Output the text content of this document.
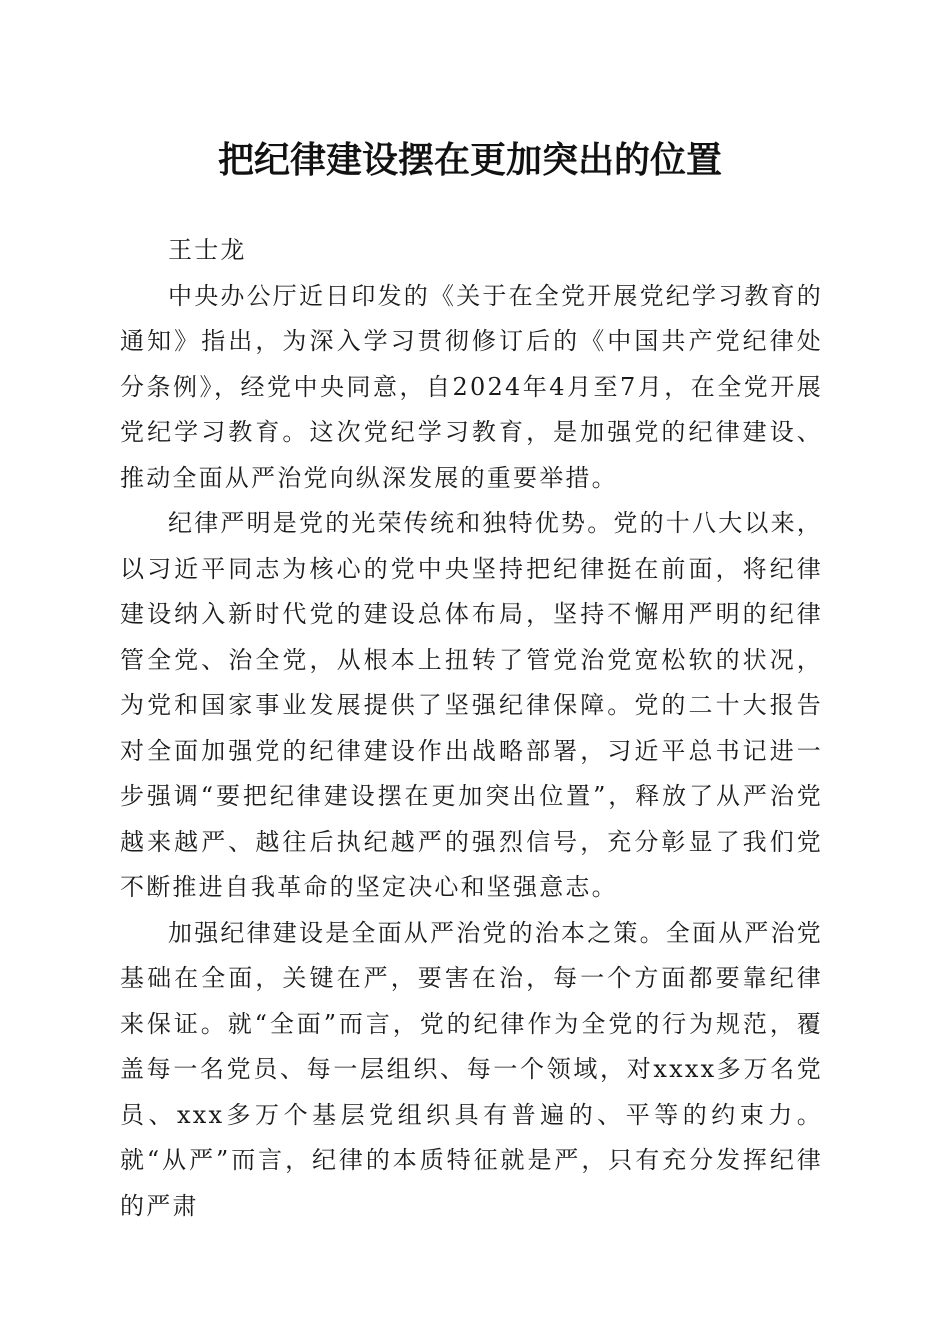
把纪律建设摆在更加突出的位置

王士龙

中央办公厅近日印发的《关于在全党开展党纪学习教育的通知》指出，为深入学习贯彻修订后的《中国共产党纪律处分条例》，经党中央同意，自2024年4月至7月，在全党开展党纪学习教育。这次党纪学习教育，是加强党的纪律建设、推动全面从严治党向纵深发展的重要举措。

纪律严明是党的光荣传统和独特优势。党的十八大以来，以习近平同志为核心的党中央坚持把纪律挺在前面，将纪律建设纳入新时代党的建设总体布局，坚持不懈用严明的纪律管全党、治全党，从根本上扭转了管党治党宽松软的状况，为党和国家事业发展提供了坚强纪律保障。党的二十大报告对全面加强党的纪律建设作出战略部署，习近平总书记进一步强调“要把纪律建设摆在更加突出位置”，释放了从严治党越来越严、越往后执纪越严的强烈信号，充分彰显了我们党不断推进自我革命的坚定决心和坚强意志。

加强纪律建设是全面从严治党的治本之策。全面从严治党基础在全面，关键在严，要害在治，每一个方面都要靠纪律来保证。就“全面”而言，党的纪律作为全党的行为规范，覆盖每一名党员、每一层组织、每一个领域，对xxxx多万名党员、xxx多万个基层党组织具有普遍的、平等的约束力。就“从严”而言，纪律的本质特征就是严，只有充分发挥纪律的严肃
